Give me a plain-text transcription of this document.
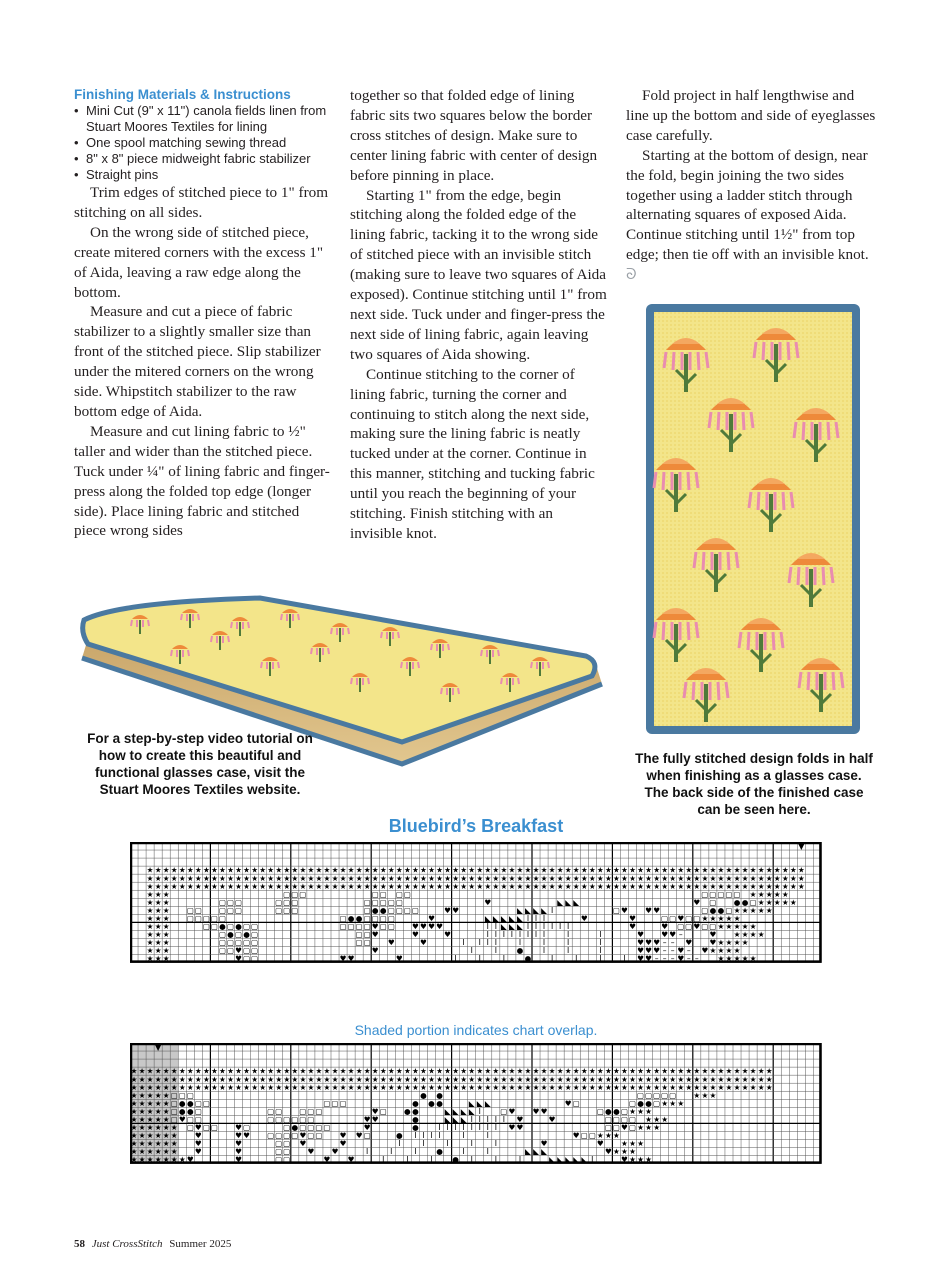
Finishing Materials & Instructions
• Mini Cut (9" x 11") canola fields linen from Stuart Moores Textiles for lining
• One spool matching sewing thread
• 8" x 8" piece midweight fabric stabilizer
• Straight pins

Trim edges of stitched piece to 1" from stitching on all sides.

On the wrong side of stitched piece, create mitered corners with the excess 1" of Aida, leaving a raw edge along the bottom.

Measure and cut a piece of fabric stabilizer to a slightly smaller size than front of the stitched piece. Slip stabilizer under the mitered corners on the wrong side. Whipstitch stabilizer to the raw bottom edge of Aida.

Measure and cut lining fabric to ½" taller and wider than the stitched piece. Tuck under ¼" of lining fabric and finger-press along the folded top edge (longer side). Place lining fabric and stitched piece wrong sides

together so that folded edge of lining fabric sits two squares below the border cross stitches of design. Make sure to center lining fabric with center of design before pinning in place.

Starting 1" from the edge, begin stitching along the folded edge of the lining fabric, tacking it to the wrong side of stitched piece with an invisible stitch (making sure to leave two squares of Aida exposed). Continue stitching until 1" from next side. Tuck under and finger-press the next side of lining fabric, again leaving two squares of Aida showing.

Continue stitching to the corner of lining fabric, turning the corner and continuing to stitch along the next side, making sure the lining fabric is neatly tucked under at the corner. Continue in this manner, stitching and tucking fabric until you reach the beginning of your stitching. Finish stitching with an invisible knot.

Fold project in half lengthwise and line up the bottom and side of eyeglasses case carefully.

Starting at the bottom of design, near the fold, begin joining the two sides together using a ladder stitch through alternating squares of exposed Aida. Continue stitching until 1½" from top edge; then tie off with an invisible knot. ᘐ

For a step-by-step video tutorial on how to create this beautiful and functional glasses case, visit the Stuart Moores Textiles website.
The fully stitched design folds in half when finishing as a glasses case. The back side of the finished case can be seen here.
Bluebird’s Breakfast
▼
★ ★ ★ ★ ★ ★ ★ ★ ★ ★ ★ ★ ★ ★ ★ ★ ★ ★ ★ ★ ★ ★ ★ ★ ★ ★ ★ ★ ★ ★ ★ ★ ★ ★ ★ ★ ★ ★ ★ ★ ★ ★ ★ ★ ★ ★ ★ ★ ★ ★ ★ ★ ★ ★ ★ ★ ★ ★ ★ ★ ★ ★ ★ ★ ★ ★ ★ ★ ★ ★ ★ ★ ★ ★ ★ ★ ★ ★ ★ ★ ★ ★
★ ★ ★ ★ ★ ★ ★ ★ ★ ★ ★ ★ ★ ★ ★ ★ ★ ★ ★ ★ ★ ★ ★ ★ ★ ★ ★ ★ ★ ★ ★ ★ ★ ★ ★ ★ ★ ★ ★ ★ ★ ★ ★ ★ ★ ★ ★ ★ ★ ★ ★ ★ ★ ★ ★ ★ ★ ★ ★ ★ ★ ★ ★ ★ ★ ★ ★ ★ ★ ★ ★ ★ ★ ★ ★ ★ ★ ★ ★ ★ ★ ★
★ ★ ★ ★ ★ ★ ★ ★ ★ ★ ★ ★ ★ ★ ★ ★ ★ ★ ★ ★ ★ ★ ★ ★ ★ ★ ★ ★ ★ ★ ★ ★ ★ ★ ★ ★ ★ ★ ★ ★ ★ ★ ★ ★ ★ ★ ★ ★ ★ ★ ★ ★ ★ ★ ★ ★ ★ ★ ★ ★ ★ ★ ★ ★ ★ ★ ★ ★ ★ ★ ★ ★ ★ ★ ★ ★ ★ ★ ★ ★ ★ ★
★ ★ ★	▢ ▢ ▢	▢ ▢ ▢ ▢	▢ ▢ ▢ ▢ ▢ ★ ★ ★ ★ ★
★ ★ ★	▢ ▢ ▢	▢ ▢ ▢	▢ ▢ ▢ ▢ ▢	♥	◣ ◣ ◣	♥ ▢ ● ● ▢ ★ ★ ★ ★ ★
★ ★ ★ ▢ ▢ ▢ ▢ ▢	▢ ▢ ▢	▢ ● ● ▢ ▢ ▢ ▢	♥ ♥	◣ ◣ ◣ ◣ I	▢ ♥ ♥ ♥	▢ ● ● ▢ ★ ★ ★ ★ ★
★ ★ ★ ▢ ▢ ▢ ▢ ▢	▢ ● ● ▢ ▢ ▢ ▢	♥	◣ ◣ ◣ ◣ ◣ I I I	♥	♥	▢ ▢ ♥ ▢ ▢ ★ ★ ★ ★ ★
★ ★ ★	▢ ▢ ● ▢ ● ▢ ▢	▢ ▢ ▢ ▢ ♥ ▢ ▢ ♥ ♥ ♥ ♥	I I ◣ ◣ ◣ I I I I I I	♥	♥ ▢ ▢ ♥ ▢ ▢ ★ ★ ★ ★ ★
★ ★ ★	▢ ● ▢ ● ▢	▢ ▢ ♥	♥	♥	I I I I I I I I	I	I	♥ ♥ ♥ –	♥ ★ ★ ★ ★
★ ★ ★	▢ ▢ ▢ ▢ ▢	▢ ▢ ♥	♥	I I I I	I	I	I	I	♥ ♥ ♥ – – ♥ ♥ ★ ★ ★ ★
★ ★ ★	▢ ▢ ♥ ▢ ▢	♥	I	I	●	I	I	I	♥ ♥ ♥ – – ♥ – ♥ ★ ★ ★ ★
★ ★ ★	♥ ▢ ▢	♥ ♥	♥	I	I	I	●	I	I	I	I ♥ ♥ – – – ♥ – – ★ ★ ★ ★ ★
Shaded portion indicates chart overlap.
▼
★ ★ ★ ★ ★ ★ ★ ★ ★ ★ ★ ★ ★ ★ ★ ★ ★ ★ ★ ★ ★ ★ ★ ★ ★ ★ ★ ★ ★ ★ ★ ★ ★ ★ ★ ★ ★ ★ ★ ★ ★ ★ ★ ★ ★ ★ ★ ★ ★ ★ ★ ★ ★ ★ ★ ★ ★ ★ ★ ★ ★ ★ ★ ★ ★ ★ ★ ★ ★ ★ ★ ★ ★ ★ ★ ★ ★ ★ ★ ★
★ ★ ★ ★ ★ ★ ★ ★ ★ ★ ★ ★ ★ ★ ★ ★ ★ ★ ★ ★ ★ ★ ★ ★ ★ ★ ★ ★ ★ ★ ★ ★ ★ ★ ★ ★ ★ ★ ★ ★ ★ ★ ★ ★ ★ ★ ★ ★ ★ ★ ★ ★ ★ ★ ★ ★ ★ ★ ★ ★ ★ ★ ★ ★ ★ ★ ★ ★ ★ ★ ★ ★ ★ ★ ★ ★ ★ ★ ★ ★
★ ★ ★ ★ ★ ★ ★ ★ ★ ★ ★ ★ ★ ★ ★ ★ ★ ★ ★ ★ ★ ★ ★ ★ ★ ★ ★ ★ ★ ★ ★ ★ ★ ★ ★ ★ ★ ★ ★ ★ ★ ★ ★ ★ ★ ★ ★ ★ ★ ★ ★ ★ ★ ★ ★ ★ ★ ★ ★ ★ ★ ★ ★ ★ ★ ★ ★ ★ ★ ★ ★ ★ ★ ★ ★ ★ ★ ★ ★ ★
★ ★ ★ ★ ★ ▢ ▢ ▢	● ●	▢ ▢ ▢ ▢ ▢ ★ ★ ★
★ ★ ★ ★ ★ ▢ ● ● ▢ ▢	▢ ▢ ▢	● ● ●	◣ ◣ ◣	♥ ▢	▢ ● ● ▢ ★ ★ ★
★ ★ ★ ★ ★ ▢ ● ● ▢	▢ ▢ ▢ ▢ ▢	♥ ▢ ● ●	◣ ◣ ◣ ◣ I	▢ ♥ ♥ ♥	▢ ● ● ▢ ★ ★ ★
★ ★ ★ ★ ★ ▢ ♥ ▢ ▢	▢ ▢ ▢ ▢ ▢ ▢	♥ ♥	●	◣ ◣ ◣ I I I I I ♥	♥	▢ ▢ ▢ ▢ ★ ★ ★
★ ★ ★ ★ ★ ★ ▢ ♥ ▢ ▢ ♥ ▢	▢ ● ▢ ▢ ▢ ▢	♥	●	I I I I I I I I ♥ ♥	▢ ▢ ♥ ▢ ★ ★ ★
★ ★ ★ ★ ★ ★ ♥	♥ ♥ ▢ ▢ ▢ ▢ ♥ ▢ ▢ ♥ ♥ ▢	● I I I I	I	I	♥ ▢ ▢ ★ ★ ★
★ ★ ★ ★ ★ ★ ♥	♥	▢ ▢ ♥	♥	I	I	I	I	I	♥	♥ ★ ★ ★
★ ★ ★ ★ ★ ★ ♥	♥	▢ ▢ ♥ ♥	I	I	I	●	I	I	◣ ◣ ◣	♥ ★ ★ ★
★ ★ ★ ★ ★ ★ ★ ♥	♥	▢ ▢	♥ ♥	I	I	I	● I	I	I	◣ ◣ ◣ ◣ ◣ I	♥ ★ ★ ★
58 Just CrossStitch Summer 2025
